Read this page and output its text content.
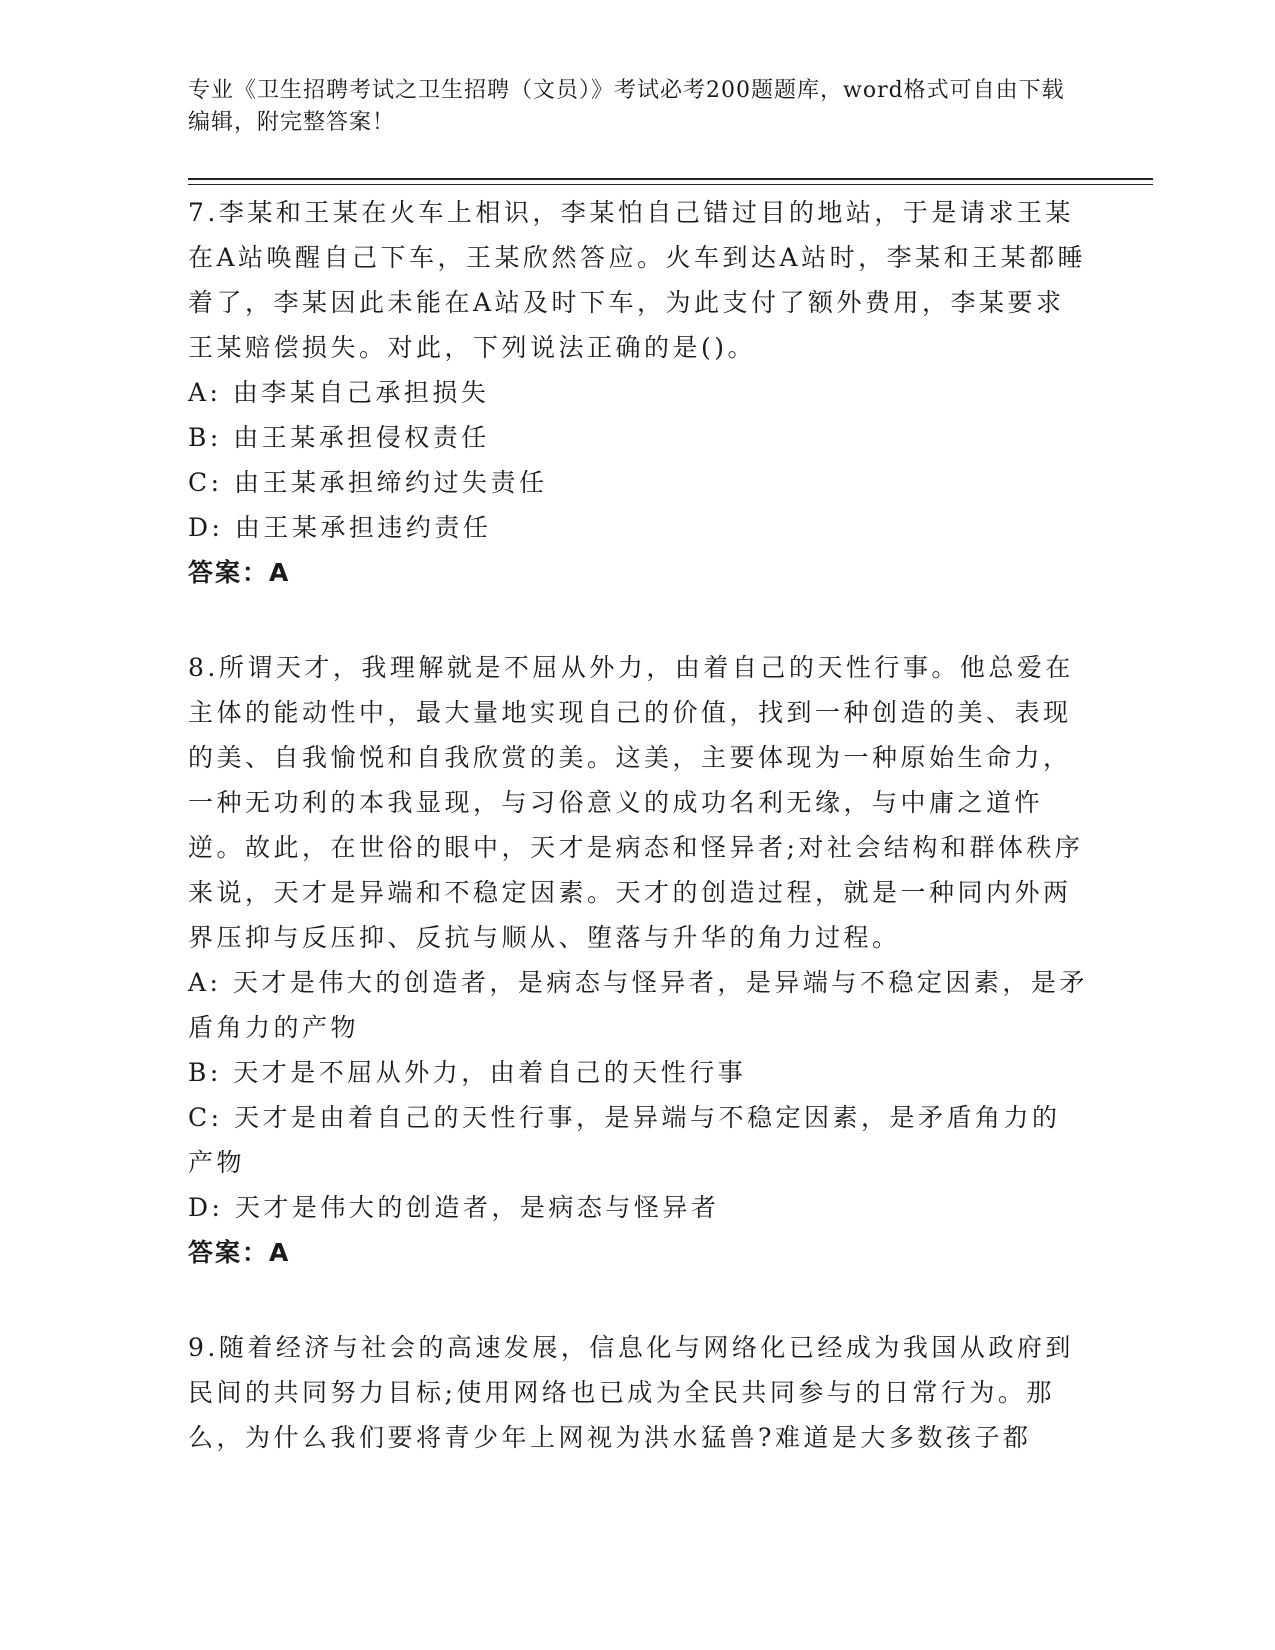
专业《卫生招聘考试之卫生招聘（文员）》考试必考200题题库，word格式可自由下载编辑，附完整答案！

7.李某和王某在火车上相识，李某怕自己错过目的地站，于是请求王某在A站唤醒自己下车，王某欣然答应。火车到达A站时，李某和王某都睡着了，李某因此未能在A站及时下车，为此支付了额外费用，李某要求王某赔偿损失。对此，下列说法正确的是()。

A: 由李某自己承担损失

B: 由王某承担侵权责任

C: 由王某承担缔约过失责任

D: 由王某承担违约责任

答案：A

8.所谓天才，我理解就是不屈从外力，由着自己的天性行事。他总爱在主体的能动性中，最大量地实现自己的价值，找到一种创造的美、表现的美、自我愉悦和自我欣赏的美。这美，主要体现为一种原始生命力，一种无功利的本我显现，与习俗意义的成功名利无缘，与中庸之道忤逆。故此，在世俗的眼中，天才是病态和怪异者;对社会结构和群体秩序来说，天才是异端和不稳定因素。天才的创造过程，就是一种同内外两界压抑与反压抑、反抗与顺从、堕落与升华的角力过程。

A: 天才是伟大的创造者，是病态与怪异者，是异端与不稳定因素，是矛盾角力的产物

B: 天才是不屈从外力，由着自己的天性行事

C: 天才是由着自己的天性行事，是异端与不稳定因素，是矛盾角力的产物

D: 天才是伟大的创造者，是病态与怪异者

答案：A

9.随着经济与社会的高速发展，信息化与网络化已经成为我国从政府到民间的共同努力目标;使用网络也已成为全民共同参与的日常行为。那么，为什么我们要将青少年上网视为洪水猛兽?难道是大多数孩子都
